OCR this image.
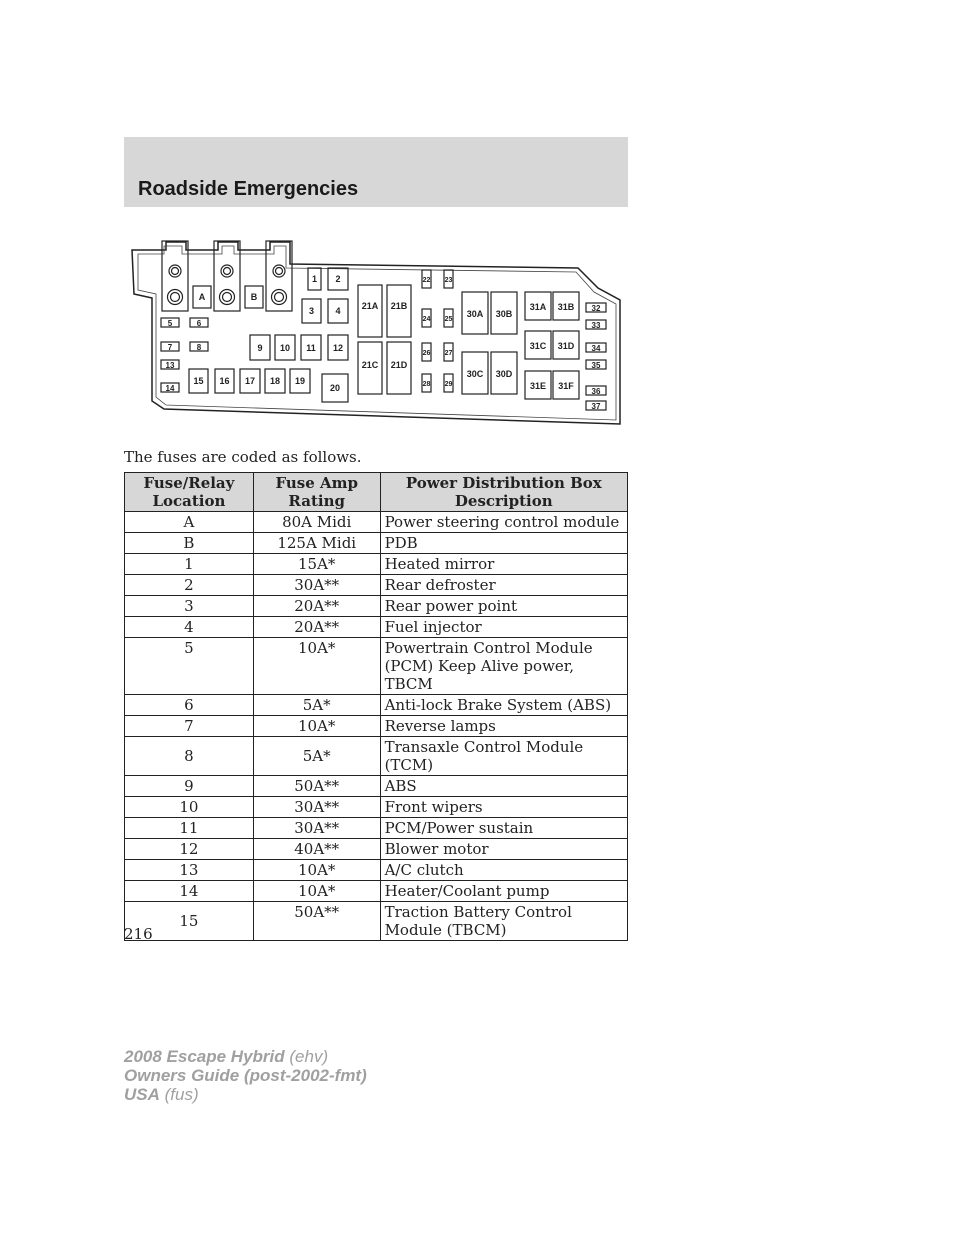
Roadside Emergencies
A	B
1 2
3 4
5	6
7	8	9 10 11 12
13
14
15 16 17 18 19
20
21A 21B
21C 21D
22 23
24 25
26 27
28 29
30A 30B
30C 30D
31A 31B
31C 31D
31E 31F
32
33
34
35
36
37
The fuses are coded as follows.
Fuse/Relay Location	Fuse Amp Rating	Power Distribution Box Description
A	80A Midi	Power steering control module
B	125A Midi	PDB
1	15A*	Heated mirror
2	30A**	Rear defroster
3	20A**	Rear power point
4	20A**	Fuel injector
5	10A*	Powertrain Control Module (PCM) Keep Alive power, TBCM
6	5A*	Anti-lock Brake System (ABS)
7	10A*	Reverse lamps
8	5A*	Transaxle Control Module (TCM)
9	50A**	ABS
10	30A**	Front wipers
11	30A**	PCM/Power sustain
12	40A**	Blower motor
13	10A*	A/C clutch
14	10A*	Heater/Coolant pump
15	50A**	Traction Battery Control Module (TBCM)
216
2008 Escape Hybrid (ehv)
Owners Guide (post-2002-fmt)
USA (fus)
